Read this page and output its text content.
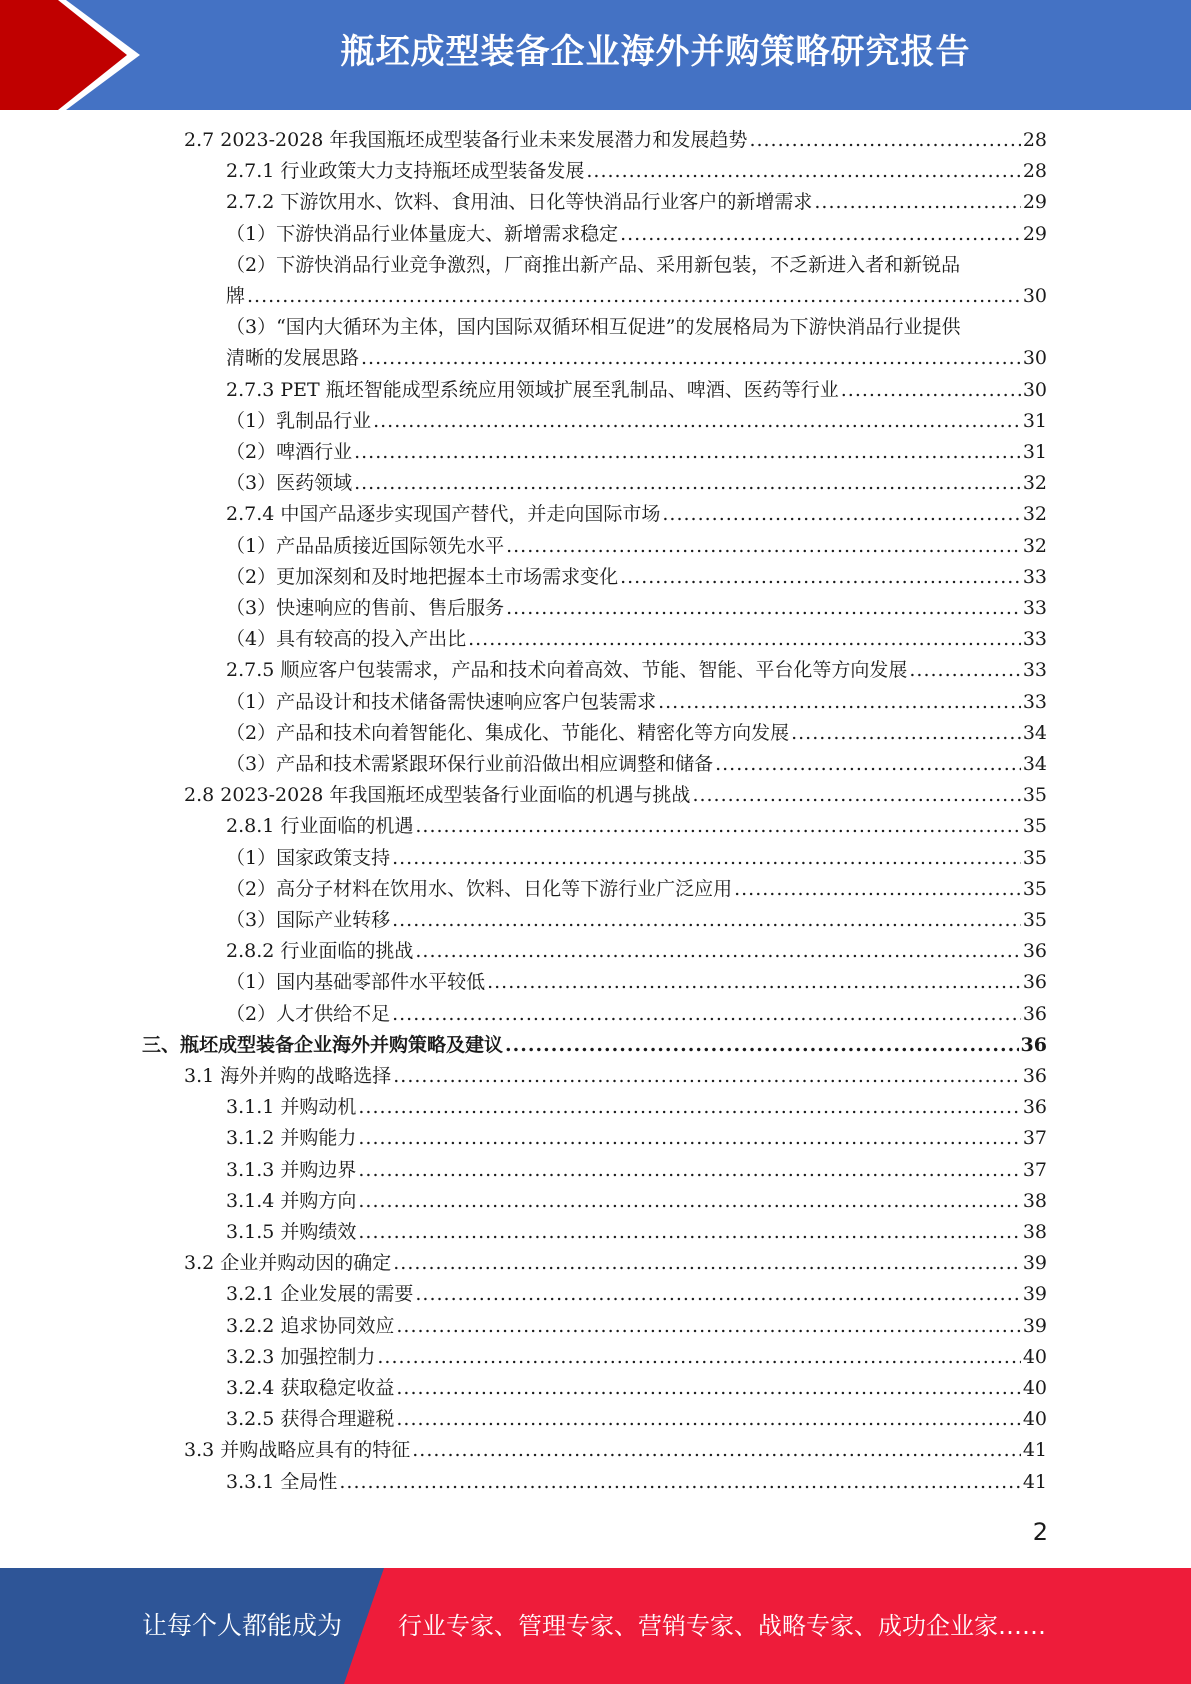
瓶坯成型装备企业海外并购策略研究报告
2.7 2023-2028 年我国瓶坯成型装备行业未来发展潜力和发展趋势 .....	28
2.7.1 行业政策大力支持瓶坯成型装备发展 .....	28
2.7.2 下游饮用水、饮料、食用油、日化等快消品行业客户的新增需求 .....	29
（1）下游快消品行业体量庞大、新增需求稳定 .....	29
（2）下游快消品行业竞争激烈，厂商推出新产品、采用新包装，不乏新进入者和新锐品
牌 .....	30
（3）“国内大循环为主体，国内国际双循环相互促进”的发展格局为下游快消品行业提供
清晰的发展思路 .....	30
2.7.3 PET 瓶坯智能成型系统应用领域扩展至乳制品、啤酒、医药等行业 .....	30
（1）乳制品行业 .....	31
（2）啤酒行业 .....	31
（3）医药领域 .....	32
2.7.4 中国产品逐步实现国产替代，并走向国际市场 .....	32
（1）产品品质接近国际领先水平 .....	32
（2）更加深刻和及时地把握本土市场需求变化 .....	33
（3）快速响应的售前、售后服务 .....	33
（4）具有较高的投入产出比 .....	33
2.7.5 顺应客户包装需求，产品和技术向着高效、节能、智能、平台化等方向发展 .....	33
（1）产品设计和技术储备需快速响应客户包装需求 .....	33
（2）产品和技术向着智能化、集成化、节能化、精密化等方向发展 .....	34
（3）产品和技术需紧跟环保行业前沿做出相应调整和储备 .....	34
2.8 2023-2028 年我国瓶坯成型装备行业面临的机遇与挑战 .....	35
2.8.1 行业面临的机遇 .....	35
（1）国家政策支持 .....	35
（2）高分子材料在饮用水、饮料、日化等下游行业广泛应用 .....	35
（3）国际产业转移 .....	35
2.8.2 行业面临的挑战 .....	36
（1）国内基础零部件水平较低 .....	36
（2）人才供给不足 .....	36
三、瓶坯成型装备企业海外并购策略及建议 .....	36
3.1 海外并购的战略选择 .....	36
3.1.1 并购动机 .....	36
3.1.2 并购能力 .....	37
3.1.3 并购边界 .....	37
3.1.4 并购方向 .....	38
3.1.5 并购绩效 .....	38
3.2 企业并购动因的确定 .....	39
3.2.1 企业发展的需要 .....	39
3.2.2 追求协同效应 .....	39
3.2.3 加强控制力 .....	40
3.2.4 获取稳定收益 .....	40
3.2.5 获得合理避税 .....	40
3.3 并购战略应具有的特征 .....	41
3.3.1 全局性 .....	41
2
让每个人都能成为 行业专家、管理专家、营销专家、战略专家、成功企业家……
